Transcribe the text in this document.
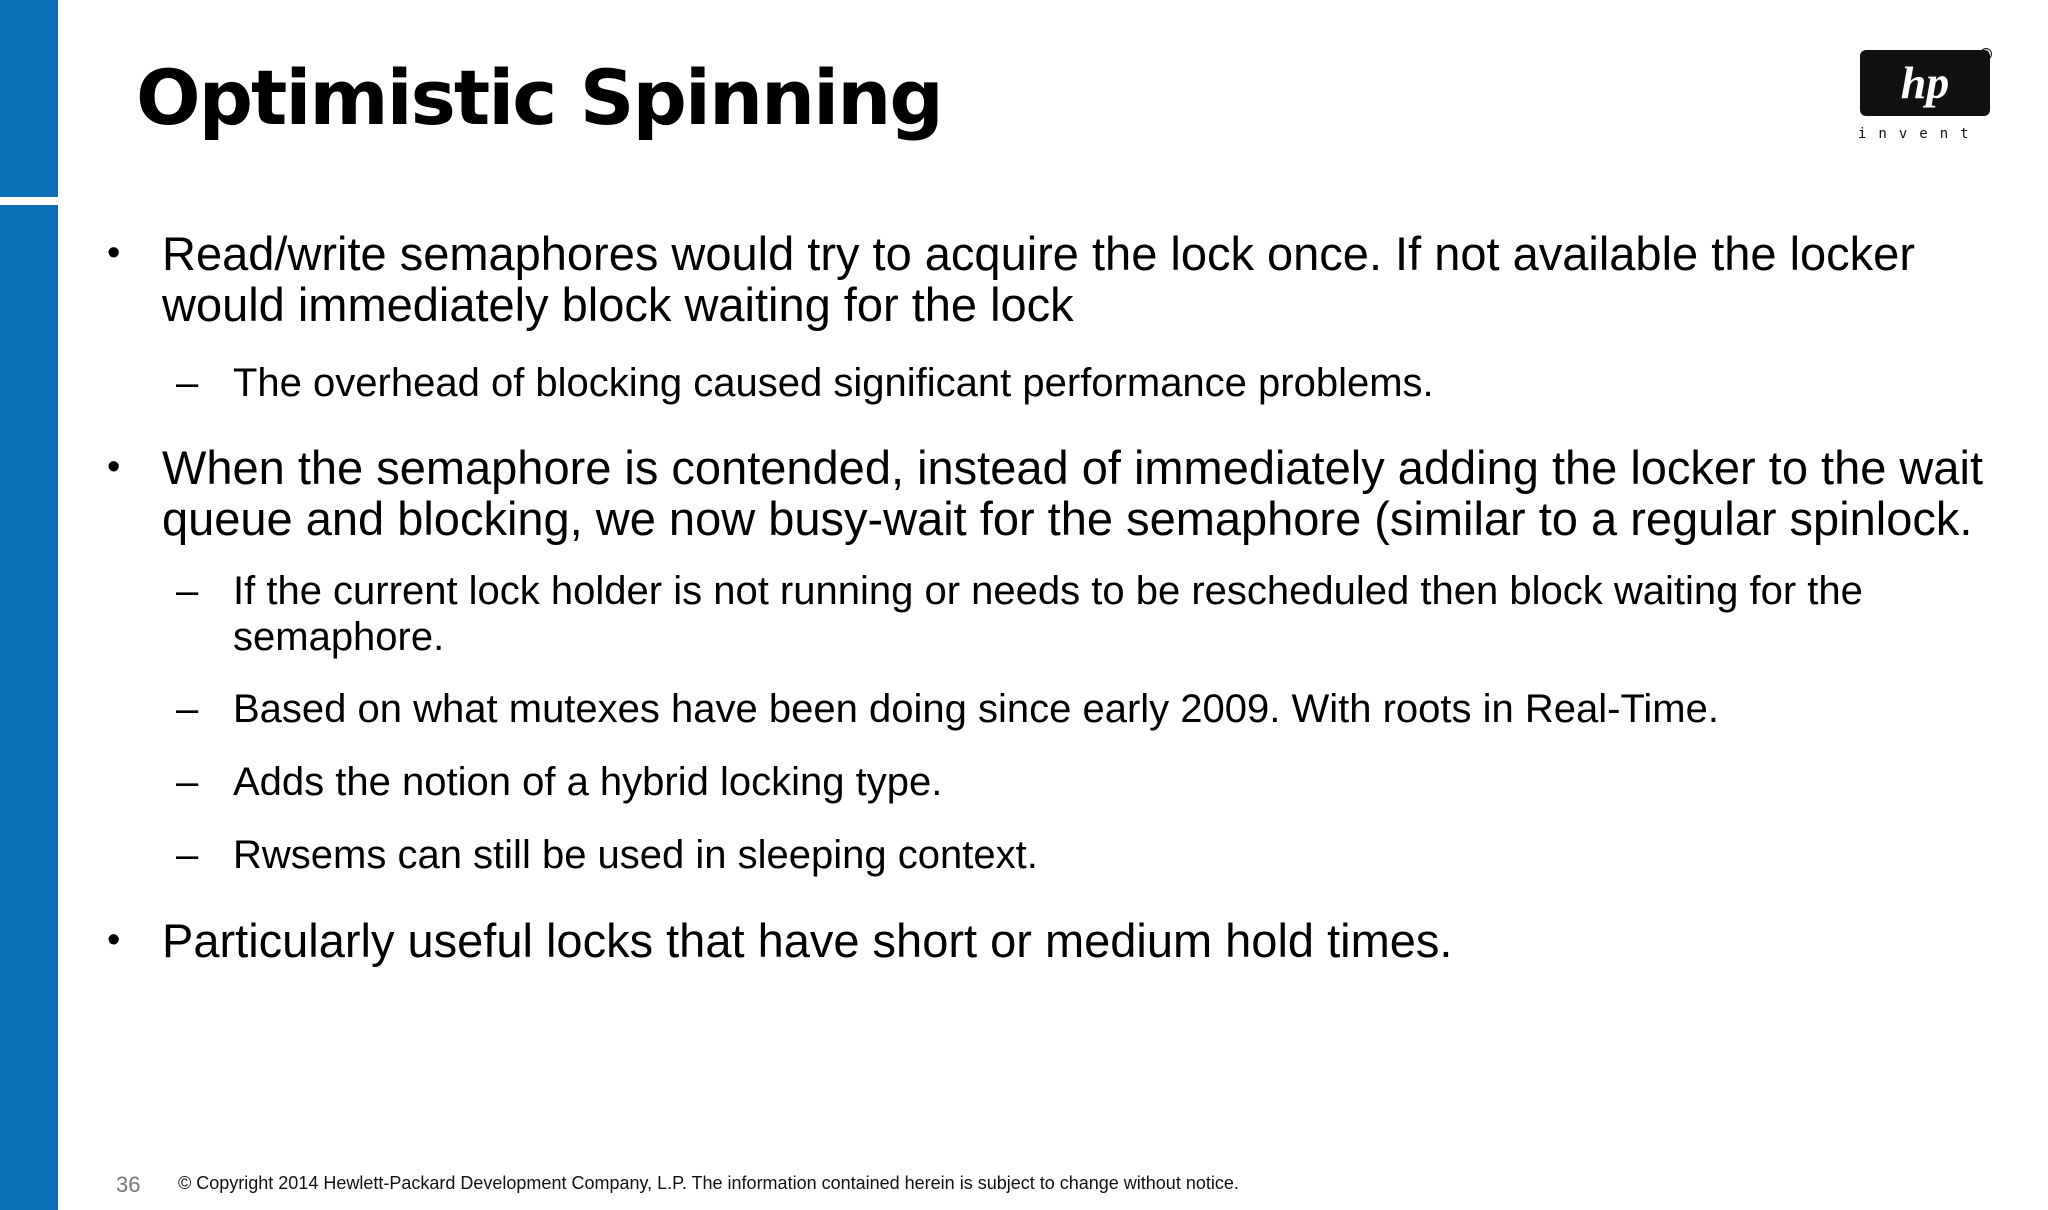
Optimistic Spinning	hp
®
invent
• Read/write semaphores would try to acquire the lock once. If not available the locker would immediately block waiting for the lock
– The overhead of blocking caused significant performance problems.
• When the semaphore is contended, instead of immediately adding the locker to the wait queue and blocking, we now busy-wait for the semaphore (similar to a regular spinlock.
– If the current lock holder is not running or needs to be rescheduled then block waiting for the semaphore.
– Based on what mutexes have been doing since early 2009. With roots in Real-Time.
– Adds the notion of a hybrid locking type.
– Rwsems can still be used in sleeping context.
• Particularly useful locks that have short or medium hold times.
36 © Copyright 2014 Hewlett-Packard Development Company, L.P. The information contained herein is subject to change without notice.
